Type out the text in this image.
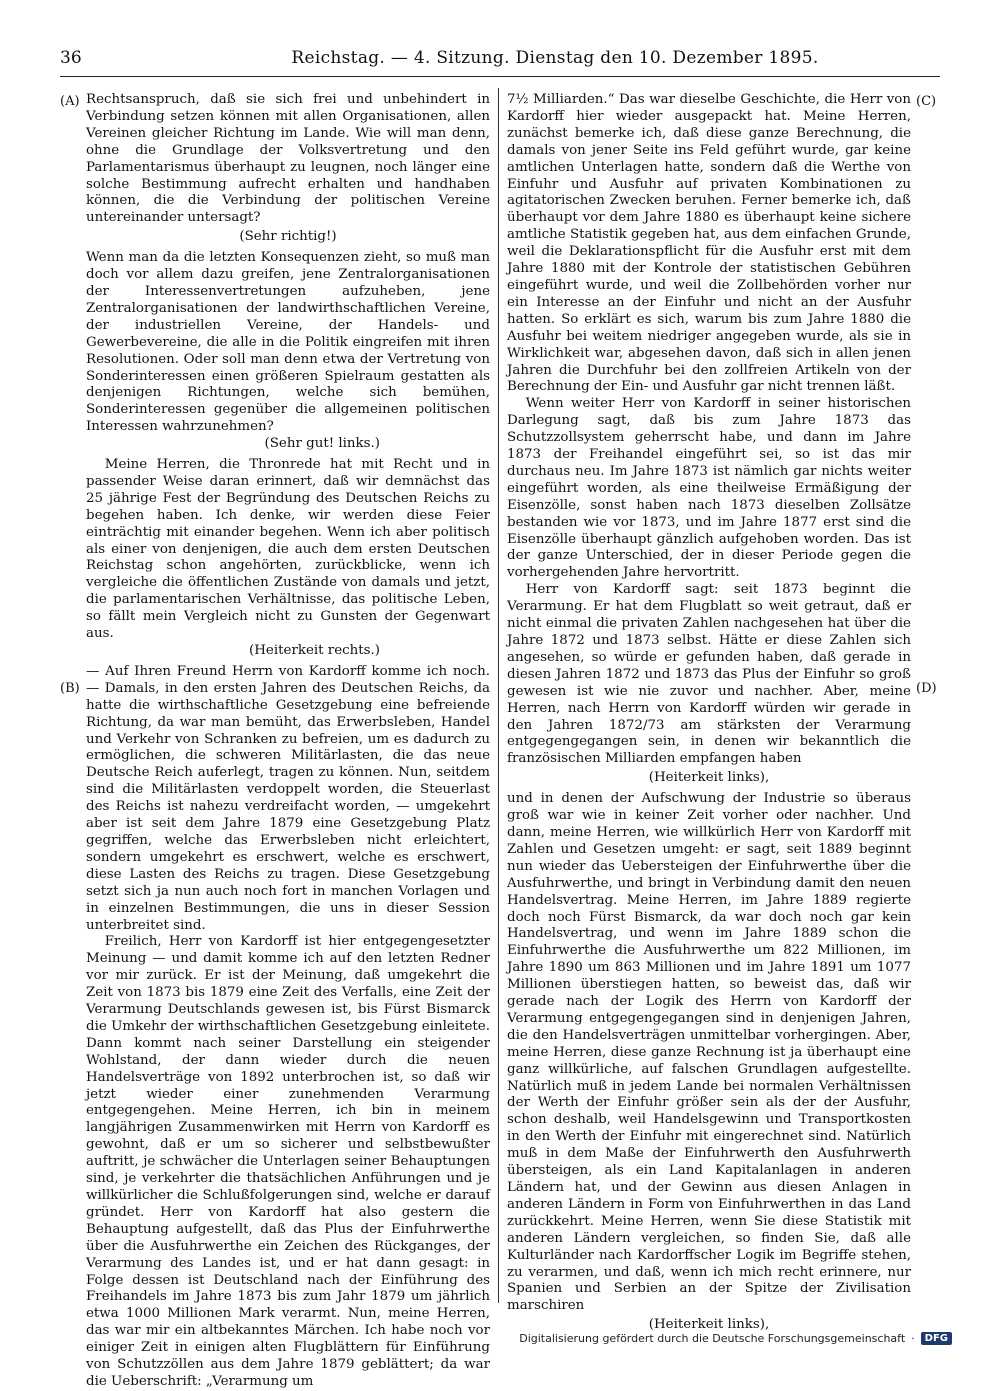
36	Reichstag. — 4. Sitzung. Dienstag den 10. Dezember 1895.
(A)
(B)
(C)
(D)

Rechtsanspruch, daß sie sich frei und unbehindert in Verbindung setzen können mit allen Organisationen, allen Vereinen gleicher Richtung im Lande. Wie will man denn, ohne die Grundlage der Volksvertretung und den Parlamentarismus überhaupt zu leugnen, noch länger eine solche Bestimmung aufrecht erhalten und handhaben können, die die Verbindung der politischen Vereine untereinander untersagt?

(Sehr richtig!)

Wenn man da die letzten Konsequenzen zieht, so muß man doch vor allem dazu greifen, jene Zentralorganisationen der Interessenvertretungen aufzuheben, jene Zentralorganisationen der landwirthschaftlichen Vereine, der industriellen Vereine, der Handels- und Gewerbevereine, die alle in die Politik eingreifen mit ihren Resolutionen. Oder soll man denn etwa der Vertretung von Sonderinteressen einen größeren Spielraum gestatten als denjenigen Richtungen, welche sich bemühen, Sonderinteressen gegenüber die allgemeinen politischen Interessen wahrzunehmen?

(Sehr gut! links.)

Meine Herren, die Thronrede hat mit Recht und in passender Weise daran erinnert, daß wir demnächst das 25 jährige Fest der Begründung des Deutschen Reichs zu begehen haben. Ich denke, wir werden diese Feier einträchtig mit einander begehen. Wenn ich aber politisch als einer von denjenigen, die auch dem ersten Deutschen Reichstag schon angehörten, zurückblicke, wenn ich vergleiche die öffentlichen Zustände von damals und jetzt, die parlamentarischen Verhältnisse, das politische Leben, so fällt mein Vergleich nicht zu Gunsten der Gegenwart aus.

(Heiterkeit rechts.)

— Auf Ihren Freund Herrn von Kardorff komme ich noch. — Damals, in den ersten Jahren des Deutschen Reichs, da hatte die wirthschaftliche Gesetzgebung eine befreiende Richtung, da war man bemüht, das Erwerbsleben, Handel und Verkehr von Schranken zu befreien, um es dadurch zu ermöglichen, die schweren Militärlasten, die das neue Deutsche Reich auferlegt, tragen zu können. Nun, seitdem sind die Militärlasten verdoppelt worden, die Steuerlast des Reichs ist nahezu verdreifacht worden, — umgekehrt aber ist seit dem Jahre 1879 eine Gesetzgebung Platz gegriffen, welche das Erwerbsleben nicht erleichtert, sondern umgekehrt es erschwert, welche es erschwert, diese Lasten des Reichs zu tragen. Diese Gesetzgebung setzt sich ja nun auch noch fort in manchen Vorlagen und in einzelnen Bestimmungen, die uns in dieser Session unterbreitet sind.

Freilich, Herr von Kardorff ist hier entgegengesetzter Meinung — und damit komme ich auf den letzten Redner vor mir zurück. Er ist der Meinung, daß umgekehrt die Zeit von 1873 bis 1879 eine Zeit des Verfalls, eine Zeit der Verarmung Deutschlands gewesen ist, bis Fürst Bismarck die Umkehr der wirthschaftlichen Gesetzgebung einleitete. Dann kommt nach seiner Darstellung ein steigender Wohlstand, der dann wieder durch die neuen Handelsverträge von 1892 unterbrochen ist, so daß wir jetzt wieder einer zunehmenden Verarmung entgegengehen. Meine Herren, ich bin in meinem langjährigen Zusammenwirken mit Herrn von Kardorff es gewohnt, daß er um so sicherer und selbstbewußter auftritt, je schwächer die Unterlagen seiner Behauptungen sind, je verkehrter die thatsächlichen Anführungen und je willkürlicher die Schlußfolgerungen sind, welche er darauf gründet. Herr von Kardorff hat also gestern die Behauptung aufgestellt, daß das Plus der Einfuhrwerthe über die Ausfuhrwerthe ein Zeichen des Rückganges, der Verarmung des Landes ist, und er hat dann gesagt: in Folge dessen ist Deutschland nach der Einführung des Freihandels im Jahre 1873 bis zum Jahr 1879 um jährlich etwa 1000 Millionen Mark verarmt. Nun, meine Herren, das war mir ein altbekanntes Märchen. Ich habe noch vor einiger Zeit in einigen alten Flugblättern für Einführung von Schutzzöllen aus dem Jahre 1879 geblättert; da war die Ueberschrift: „Verarmung um

7½ Milliarden.“ Das war dieselbe Geschichte, die Herr von Kardorff hier wieder ausgepackt hat. Meine Herren, zunächst bemerke ich, daß diese ganze Berechnung, die damals von jener Seite ins Feld geführt wurde, gar keine amtlichen Unterlagen hatte, sondern daß die Werthe von Einfuhr und Ausfuhr auf privaten Kombinationen zu agitatorischen Zwecken beruhen. Ferner bemerke ich, daß überhaupt vor dem Jahre 1880 es überhaupt keine sichere amtliche Statistik gegeben hat, aus dem einfachen Grunde, weil die Deklarationspflicht für die Ausfuhr erst mit dem Jahre 1880 mit der Kontrole der statistischen Gebühren eingeführt wurde, und weil die Zollbehörden vorher nur ein Interesse an der Einfuhr und nicht an der Ausfuhr hatten. So erklärt es sich, warum bis zum Jahre 1880 die Ausfuhr bei weitem niedriger angegeben wurde, als sie in Wirklichkeit war, abgesehen davon, daß sich in allen jenen Jahren die Durchfuhr bei den zollfreien Artikeln von der Berechnung der Ein- und Ausfuhr gar nicht trennen läßt.

Wenn weiter Herr von Kardorff in seiner historischen Darlegung sagt, daß bis zum Jahre 1873 das Schutzzollsystem geherrscht habe, und dann im Jahre 1873 der Freihandel eingeführt sei, so ist das mir durchaus neu. Im Jahre 1873 ist nämlich gar nichts weiter eingeführt worden, als eine theilweise Ermäßigung der Eisenzölle, sonst haben nach 1873 dieselben Zollsätze bestanden wie vor 1873, und im Jahre 1877 erst sind die Eisenzölle überhaupt gänzlich aufgehoben worden. Das ist der ganze Unterschied, der in dieser Periode gegen die vorhergehenden Jahre hervortritt.

Herr von Kardorff sagt: seit 1873 beginnt die Verarmung. Er hat dem Flugblatt so weit getraut, daß er nicht einmal die privaten Zahlen nachgesehen hat über die Jahre 1872 und 1873 selbst. Hätte er diese Zahlen sich angesehen, so würde er gefunden haben, daß gerade in diesen Jahren 1872 und 1873 das Plus der Einfuhr so groß gewesen ist wie nie zuvor und nachher. Aber, meine Herren, nach Herrn von Kardorff würden wir gerade in den Jahren 1872/73 am stärksten der Verarmung entgegengegangen sein, in denen wir bekanntlich die französischen Milliarden empfangen haben

(Heiterkeit links),

und in denen der Aufschwung der Industrie so überaus groß war wie in keiner Zeit vorher oder nachher. Und dann, meine Herren, wie willkürlich Herr von Kardorff mit Zahlen und Gesetzen umgeht: er sagt, seit 1889 beginnt nun wieder das Uebersteigen der Einfuhrwerthe über die Ausfuhrwerthe, und bringt in Verbindung damit den neuen Handelsvertrag. Meine Herren, im Jahre 1889 regierte doch noch Fürst Bismarck, da war doch noch gar kein Handelsvertrag, und wenn im Jahre 1889 schon die Einfuhrwerthe die Ausfuhrwerthe um 822 Millionen, im Jahre 1890 um 863 Millionen und im Jahre 1891 um 1077 Millionen überstiegen hatten, so beweist das, daß wir gerade nach der Logik des Herrn von Kardorff der Verarmung entgegengegangen sind in denjenigen Jahren, die den Handelsverträgen unmittelbar vorhergingen. Aber, meine Herren, diese ganze Rechnung ist ja überhaupt eine ganz willkürliche, auf falschen Grundlagen aufgestellte. Natürlich muß in jedem Lande bei normalen Verhältnissen der Werth der Einfuhr größer sein als der der Ausfuhr, schon deshalb, weil Handelsgewinn und Transportkosten in den Werth der Einfuhr mit eingerechnet sind. Natürlich muß in dem Maße der Einfuhrwerth den Ausfuhrwerth übersteigen, als ein Land Kapitalanlagen in anderen Ländern hat, und der Gewinn aus diesen Anlagen in anderen Ländern in Form von Einfuhrwerthen in das Land zurückkehrt. Meine Herren, wenn Sie diese Statistik mit anderen Ländern vergleichen, so finden Sie, daß alle Kulturländer nach Kardorffscher Logik im Begriffe stehen, zu verarmen, und daß, wenn ich mich recht erinnere, nur Spanien und Serbien an der Spitze der Zivilisation marschiren

(Heiterkeit links),

Digitalisierung gefördert durch die Deutsche Forschungsgemeinschaft ·	DFG
